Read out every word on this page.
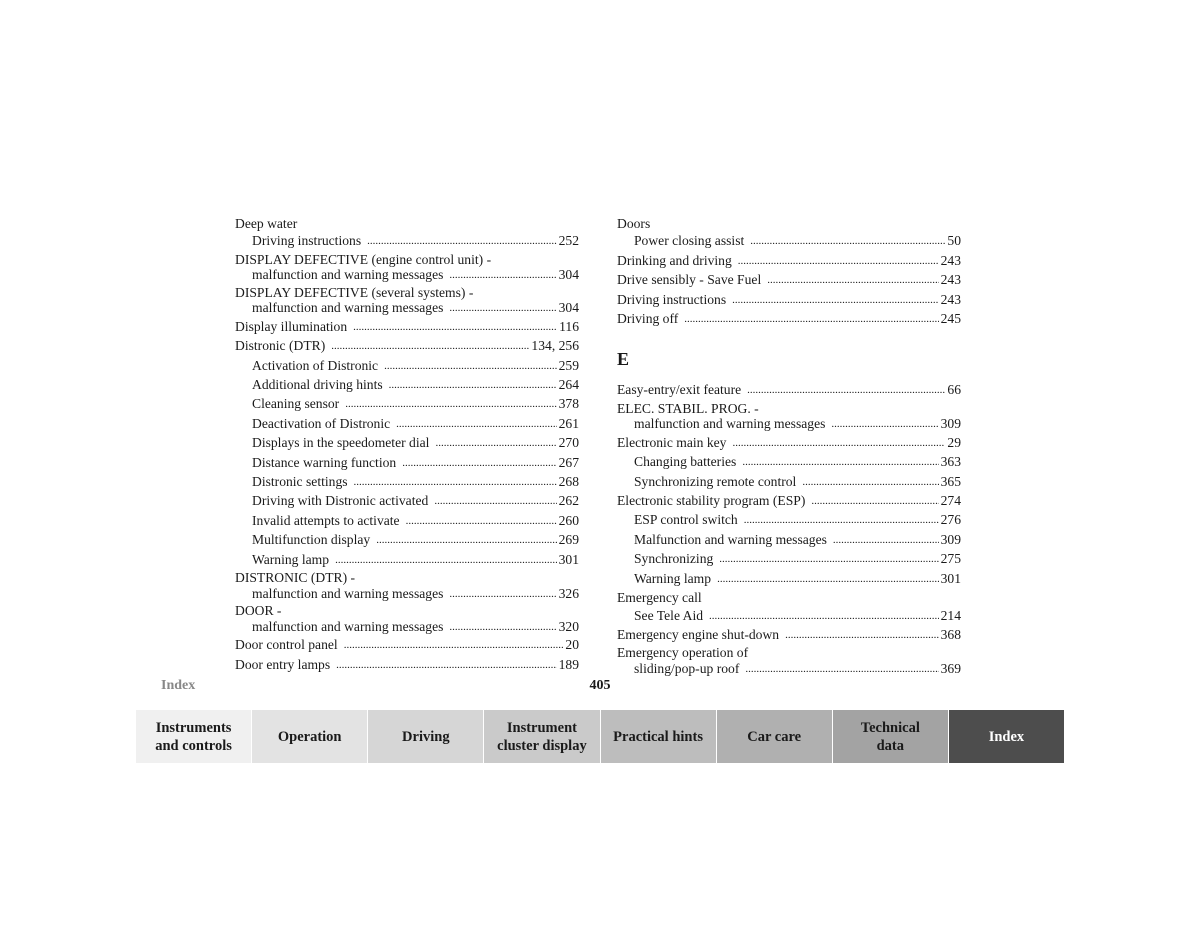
Deep water
Driving instructions .....	252
DISPLAY DEFECTIVE (engine control unit) -
malfunction and warning messages .....	304
DISPLAY DEFECTIVE (several systems) -
malfunction and warning messages .....	304
Display illumination .....	116
Distronic (DTR) .....	134, 256
Activation of Distronic .....	259
Additional driving hints .....	264
Cleaning sensor .....	378
Deactivation of Distronic .....	261
Displays in the speedometer dial .....	270
Distance warning function .....	267
Distronic settings .....	268
Driving with Distronic activated .....	262
Invalid attempts to activate .....	260
Multifunction display .....	269
Warning lamp .....	301
DISTRONIC (DTR) -
malfunction and warning messages .....	326
DOOR -
malfunction and warning messages .....	320
Door control panel .....	20
Door entry lamps .....	189
Doors
Power closing assist .....	50
Drinking and driving .....	243
Drive sensibly - Save Fuel .....	243
Driving instructions .....	243
Driving off .....	245
E
Easy-entry/exit feature .....	66
ELEC. STABIL. PROG. -
malfunction and warning messages .....	309
Electronic main key .....	29
Changing batteries .....	363
Synchronizing remote control .....	365
Electronic stability program (ESP) .....	274
ESP control switch .....	276
Malfunction and warning messages .....	309
Synchronizing .....	275
Warning lamp .....	301
Emergency call
See Tele Aid .....	214
Emergency engine shut-down .....	368
Emergency operation of
sliding/pop-up roof .....	369
Index	405
Instruments
and controls
Operation	Driving
Instrument
cluster display
Practical hints	Car care
Technical
data
Index
